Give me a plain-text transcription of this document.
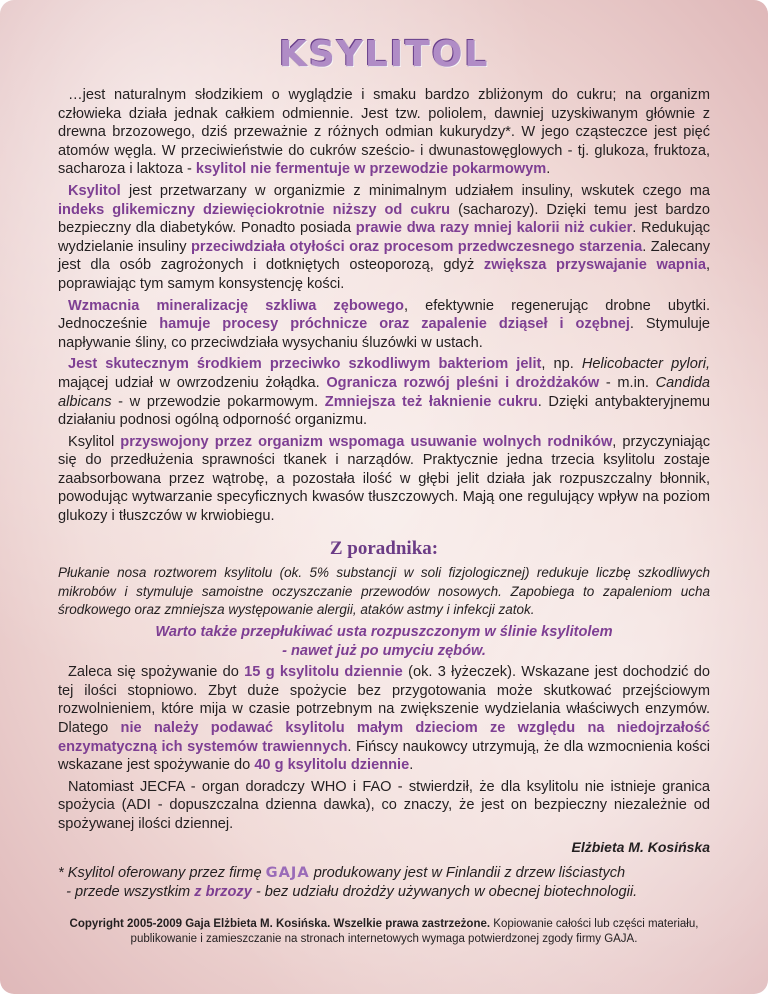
KSYLITOL

…jest naturalnym słodzikiem o wyglądzie i smaku bardzo zbliżonym do cukru; na organizm człowieka działa jednak całkiem odmiennie. Jest tzw. poliolem, dawniej uzyskiwanym głównie z drewna brzozowego, dziś przeważnie z różnych odmian kukurydzy*. W jego cząsteczce jest pięć atomów węgla. W przeciwieństwie do cukrów sześcio- i dwunastowęglowych - tj. glukoza, fruktoza, sacharoza i laktoza - ksylitol nie fermentuje w przewodzie pokarmowym.

Ksylitol jest przetwarzany w organizmie z minimalnym udziałem insuliny, wskutek czego ma indeks glikemiczny dziewięciokrotnie niższy od cukru (sacharozy). Dzięki temu jest bardzo bezpieczny dla diabetyków. Ponadto posiada prawie dwa razy mniej kalorii niż cukier. Redukując wydzielanie insuliny przeciwdziała otyłości oraz procesom przedwczesnego starzenia. Zalecany jest dla osób zagrożonych i dotkniętych osteoporozą, gdyż zwiększa przyswajanie wapnia, poprawiając tym samym konsystencję kości.

Wzmacnia mineralizację szkliwa zębowego, efektywnie regenerując drobne ubytki. Jednocześnie hamuje procesy próchnicze oraz zapalenie dziąseł i ozębnej. Stymuluje napływanie śliny, co przeciwdziała wysychaniu śluzówki w ustach.

Jest skutecznym środkiem przeciwko szkodliwym bakteriom jelit, np. Helicobacter pylori, mającej udział w owrzodzeniu żołądka. Ogranicza rozwój pleśni i drożdżaków - m.in. Candida albicans - w przewodzie pokarmowym. Zmniejsza też łaknienie cukru. Dzięki antybakteryjnemu działaniu podnosi ogólną odporność organizmu.

Ksylitol przyswojony przez organizm wspomaga usuwanie wolnych rodników, przyczyniając się do przedłużenia sprawności tkanek i narządów. Praktycznie jedna trzecia ksylitolu zostaje zaabsorbowana przez wątrobę, a pozostała ilość w głębi jelit działa jak rozpuszczalny błonnik, powodując wytwarzanie specyficznych kwasów tłuszczowych. Mają one regulujący wpływ na poziom glukozy i tłuszczów w krwiobiegu.

Z poradnika:

Płukanie nosa roztworem ksylitolu (ok. 5% substancji w soli fizjologicznej) redukuje liczbę szkodliwych mikrobów i stymuluje samoistne oczyszczanie przewodów nosowych. Zapobiega to zapaleniom ucha środkowego oraz zmniejsza występowanie alergii, ataków astmy i infekcji zatok.

Warto także przepłukiwać usta rozpuszczonym w ślinie ksylitolem
- nawet już po umyciu zębów.

Zaleca się spożywanie do 15 g ksylitolu dziennie (ok. 3 łyżeczek). Wskazane jest dochodzić do tej ilości stopniowo. Zbyt duże spożycie bez przygotowania może skutkować przejściowym rozwolnieniem, które mija w czasie potrzebnym na zwiększenie wydzielania właściwych enzymów. Dlatego nie należy podawać ksylitolu małym dzieciom ze względu na niedojrzałość enzymatyczną ich systemów trawiennych. Fińscy naukowcy utrzymują, że dla wzmocnienia kości wskazane jest spożywanie do 40 g ksylitolu dziennie.

Natomiast JECFA - organ doradczy WHO i FAO - stwierdził, że dla ksylitolu nie istnieje granica spożycia (ADI - dopuszczalna dzienna dawka), co znaczy, że jest on bezpieczny niezależnie od spożywanej ilości dziennej.

Elżbieta M. Kosińska

* Ksylitol oferowany przez firmę GAJA produkowany jest w Finlandii z drzew liściastych
- przede wszystkim z brzozy - bez udziału drożdży używanych w obecnej biotechnologii.

Copyright 2005-2009 Gaja Elżbieta M. Kosińska. Wszelkie prawa zastrzeżone. Kopiowanie całości lub części materiału, publikowanie i zamieszczanie na stronach internetowych wymaga potwierdzonej zgody firmy GAJA.
